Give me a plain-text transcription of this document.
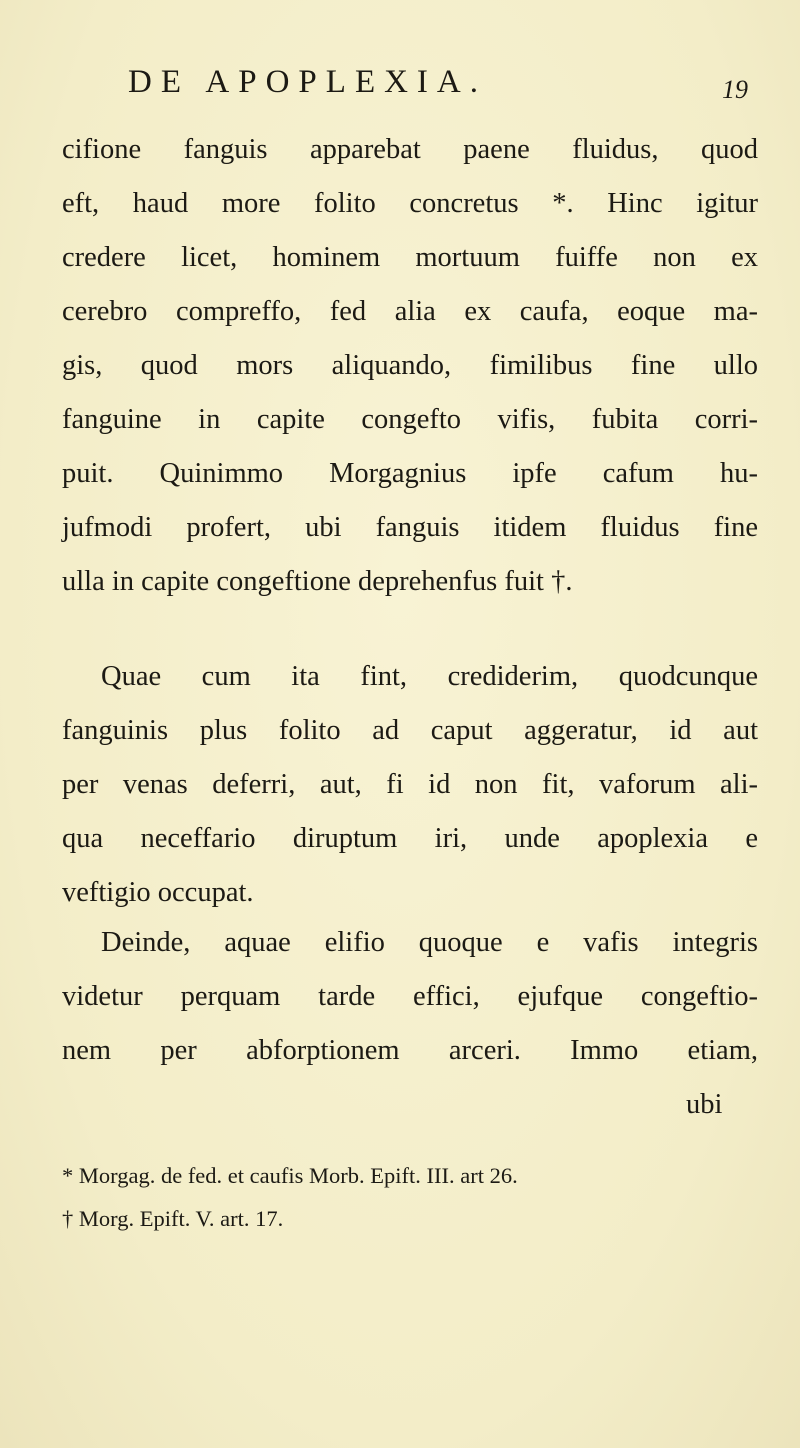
DE APOPLEXIA.	19
cifione fanguis apparebat paene fluidus, quod
eft, haud more folito concretus *. Hinc igitur
credere licet, hominem mortuum fuiffe non ex
cerebro compreffo, fed alia ex caufa, eoque ma-
gis, quod mors aliquando, fimilibus fine ullo
fanguine in capite congefto vifis, fubita corri-
puit. Quinimmo Morgagnius ipfe cafum hu-
jufmodi profert, ubi fanguis itidem fluidus fine
ulla in capite congeftione deprehenfus fuit †.
Quae cum ita fint, crediderim, quodcunque
fanguinis plus folito ad caput aggeratur, id aut
per venas deferri, aut, fi id non fit, vaforum ali-
qua neceffario diruptum iri, unde apoplexia e
veftigio occupat.
Deinde, aquae elifio quoque e vafis integris
videtur perquam tarde effici, ejufque congeftio-
nem per abforptionem arceri. Immo etiam,
ubi
* Morgag. de fed. et caufis Morb. Epift. III. art 26.
† Morg. Epift. V. art. 17.
